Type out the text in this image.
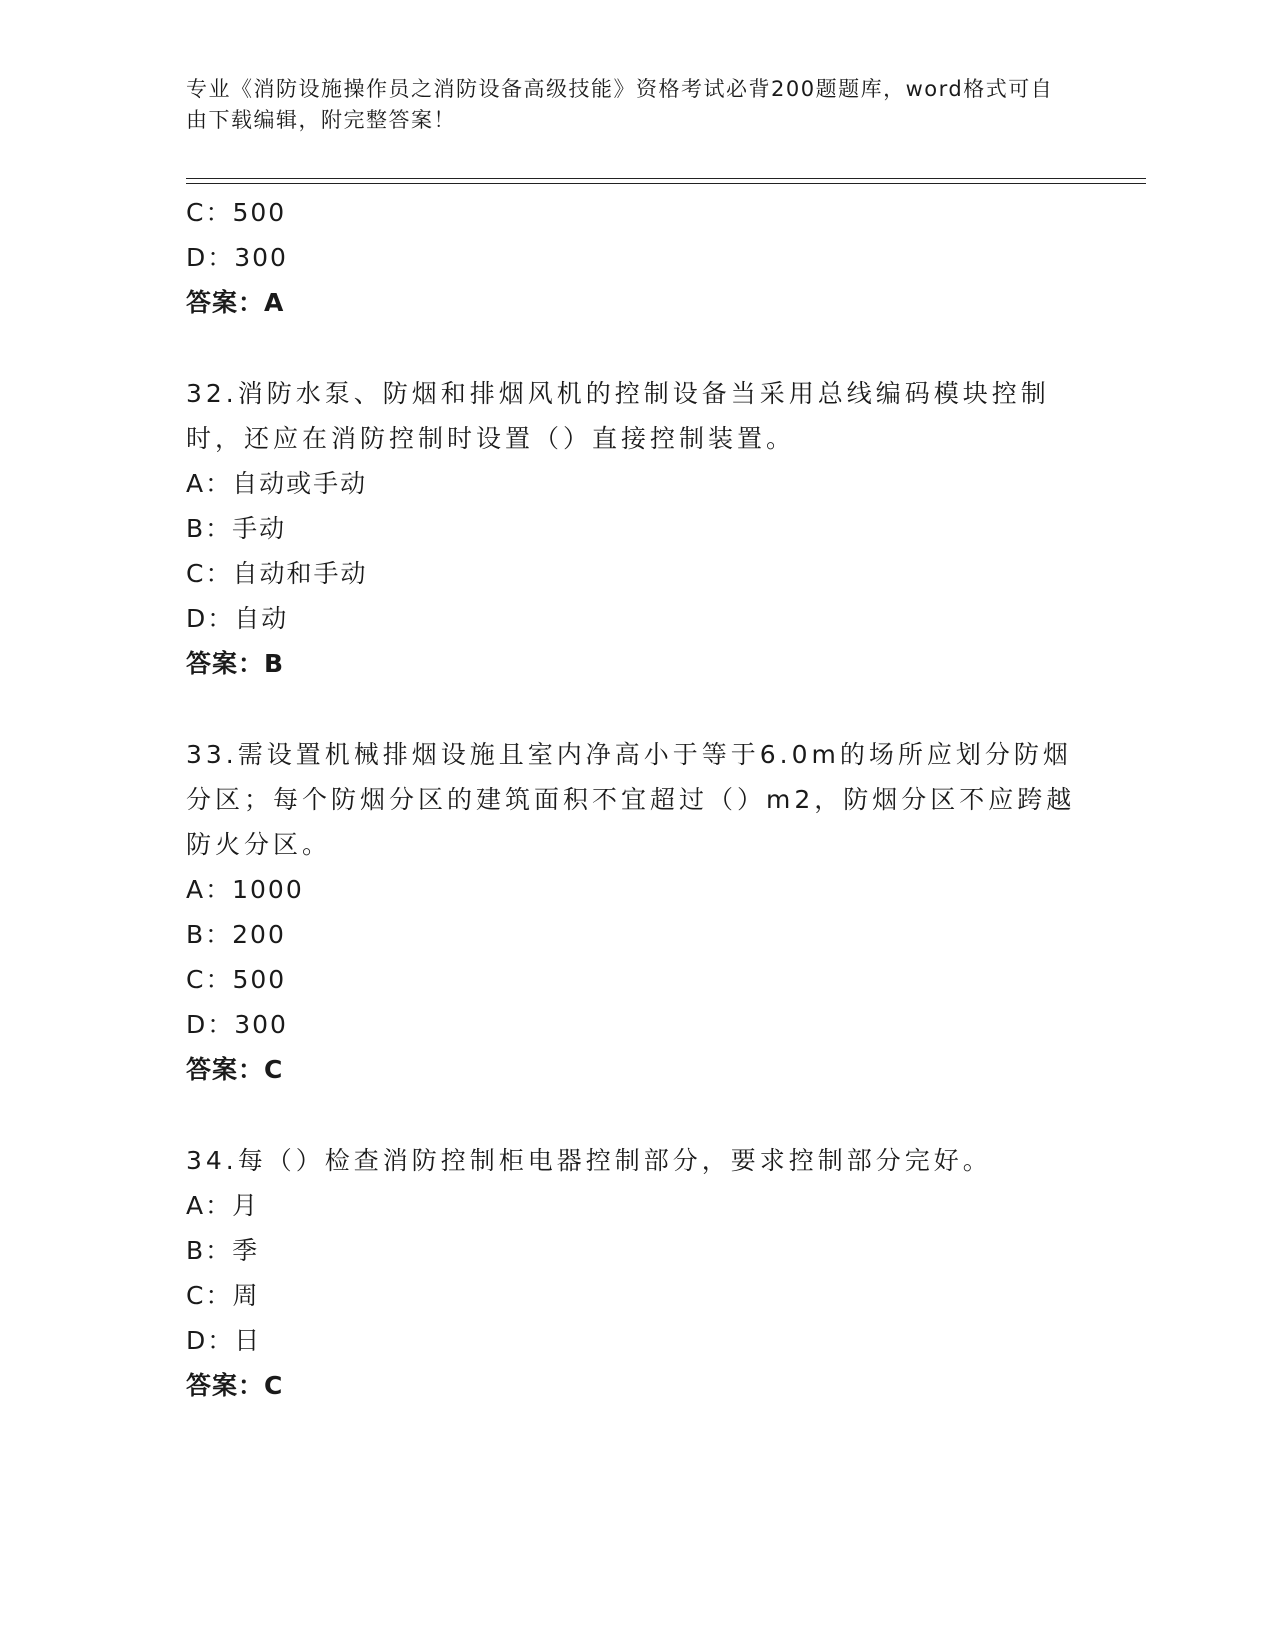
专业《消防设施操作员之消防设备高级技能》资格考试必背200题题库，word格式可自由下载编辑，附完整答案！
C：500
D：300
答案：A
32.消防水泵、防烟和排烟风机的控制设备当采用总线编码模块控制时，还应在消防控制时设置（）直接控制装置。
A：自动或手动
B：手动
C：自动和手动
D：自动
答案：B
33.需设置机械排烟设施且室内净高小于等于6.0m的场所应划分防烟分区；每个防烟分区的建筑面积不宜超过（）m2，防烟分区不应跨越防火分区。
A：1000
B：200
C：500
D：300
答案：C
34.每（）检查消防控制柜电器控制部分，要求控制部分完好。
A：月
B：季
C：周
D：日
答案：C
